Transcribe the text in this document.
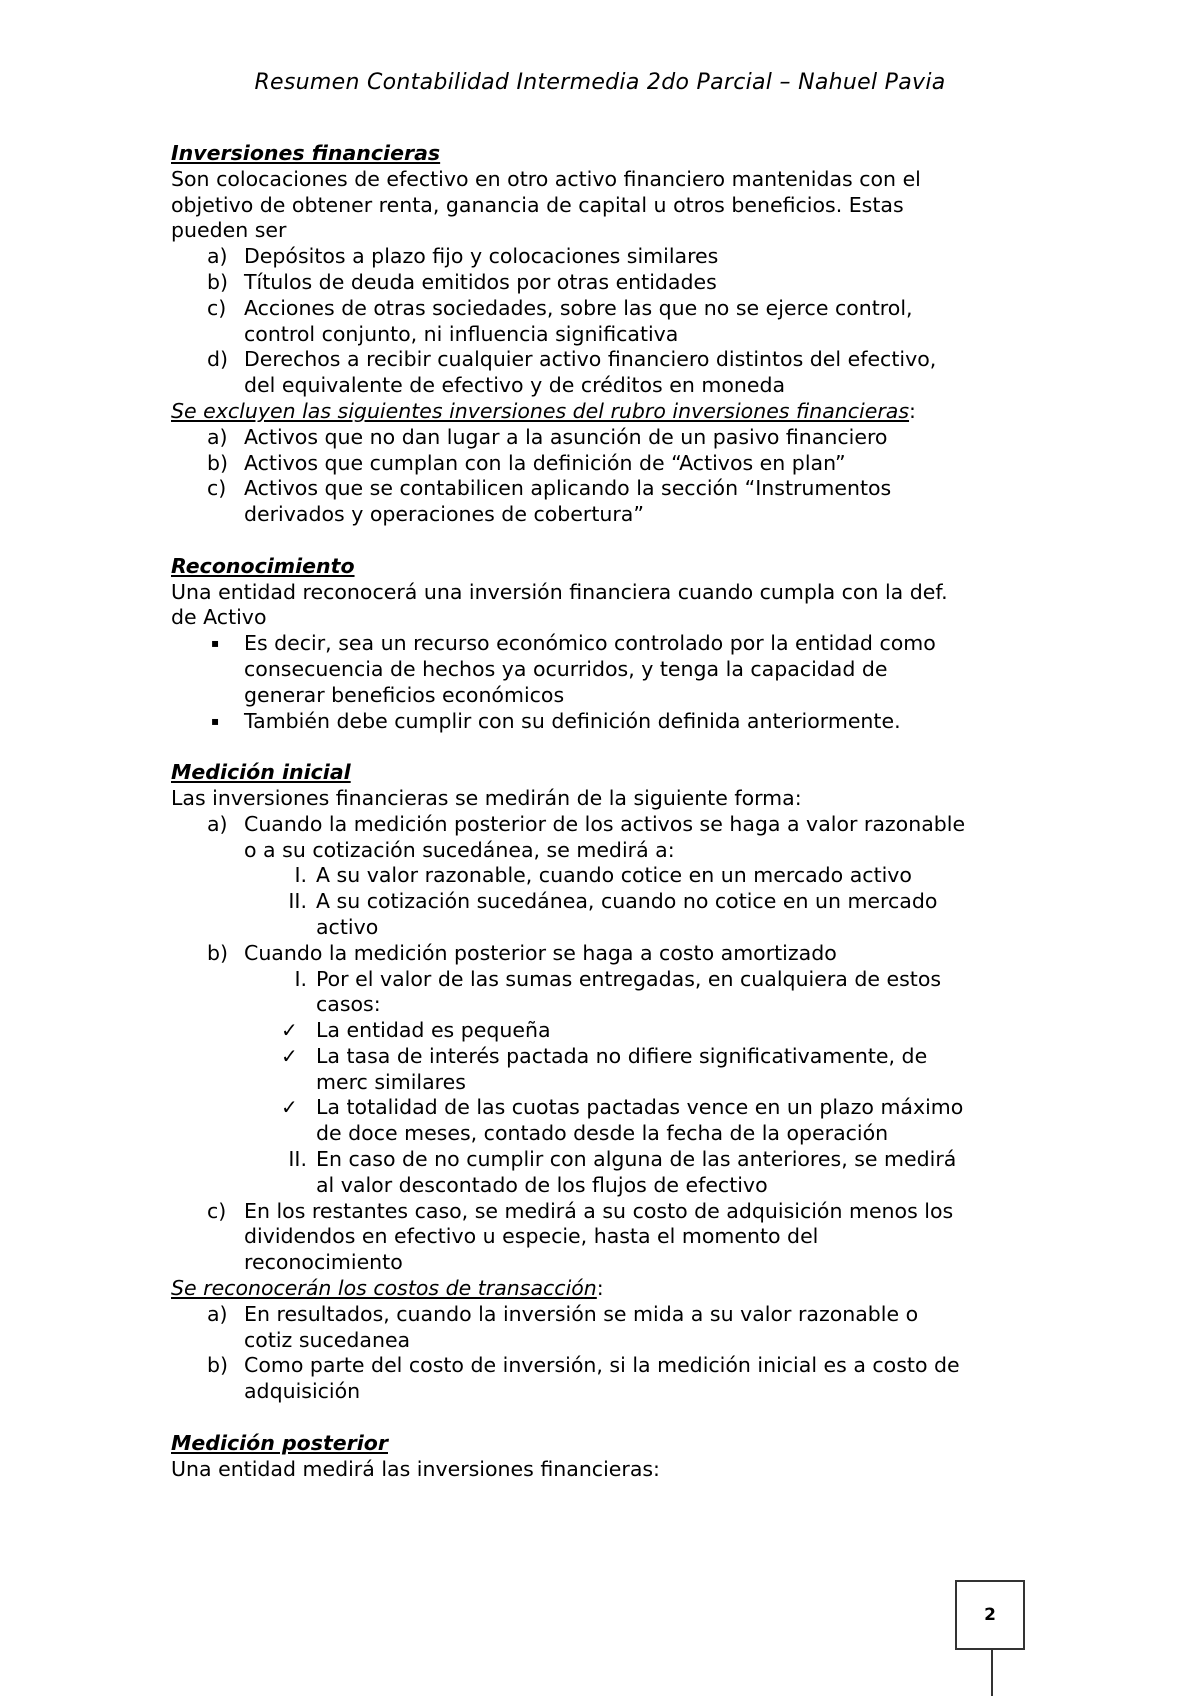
Resumen Contabilidad Intermedia 2do Parcial – Nahuel Pavia
Inversiones financieras
Son colocaciones de efectivo en otro activo financiero mantenidas con el
objetivo de obtener renta, ganancia de capital u otros beneficios. Estas
pueden ser
a) Depósitos a plazo fijo y colocaciones similares
b) Títulos de deuda emitidos por otras entidades
c) Acciones de otras sociedades, sobre las que no se ejerce control,
control conjunto, ni influencia significativa
d) Derechos a recibir cualquier activo financiero distintos del efectivo,
del equivalente de efectivo y de créditos en moneda
Se excluyen las siguientes inversiones del rubro inversiones financieras:
a) Activos que no dan lugar a la asunción de un pasivo financiero
b) Activos que cumplan con la definición de “Activos en plan”
c) Activos que se contabilicen aplicando la sección “Instrumentos
derivados y operaciones de cobertura”
Reconocimiento
Una entidad reconocerá una inversión financiera cuando cumpla con la def.
de Activo
▪ Es decir, sea un recurso económico controlado por la entidad como
consecuencia de hechos ya ocurridos, y tenga la capacidad de
generar beneficios económicos
▪ También debe cumplir con su definición definida anteriormente.
Medición inicial
Las inversiones financieras se medirán de la siguiente forma:
a) Cuando la medición posterior de los activos se haga a valor razonable
o a su cotización sucedánea, se medirá a:
I. A su valor razonable, cuando cotice en un mercado activo
II. A su cotización sucedánea, cuando no cotice en un mercado
activo
b) Cuando la medición posterior se haga a costo amortizado
I. Por el valor de las sumas entregadas, en cualquiera de estos
casos:
✓ La entidad es pequeña
✓ La tasa de interés pactada no difiere significativamente, de
merc similares
✓ La totalidad de las cuotas pactadas vence en un plazo máximo
de doce meses, contado desde la fecha de la operación
II. En caso de no cumplir con alguna de las anteriores, se medirá
al valor descontado de los flujos de efectivo
c) En los restantes caso, se medirá a su costo de adquisición menos los
dividendos en efectivo u especie, hasta el momento del
reconocimiento
Se reconocerán los costos de transacción:
a) En resultados, cuando la inversión se mida a su valor razonable o
cotiz sucedanea
b) Como parte del costo de inversión, si la medición inicial es a costo de
adquisición
Medición posterior
Una entidad medirá las inversiones financieras:
2
